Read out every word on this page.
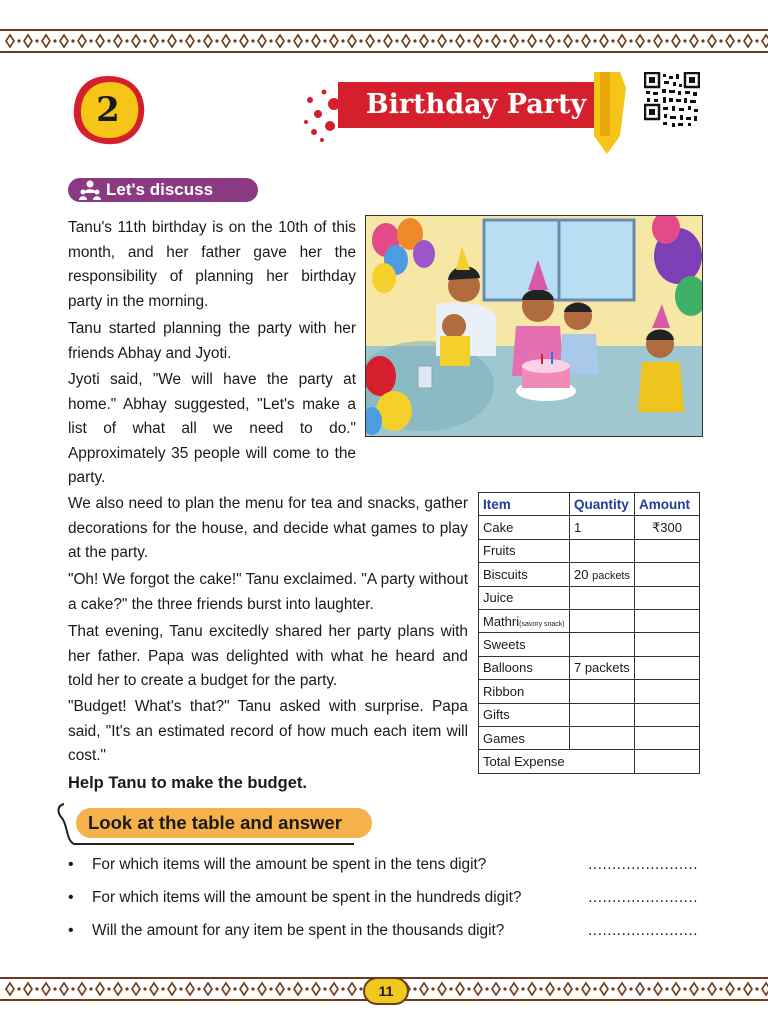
2	Birthday Party
Let's discuss

Tanu's 11th birthday is on the 10th of this month, and her father gave her the responsibility of planning her birthday party in the morning.

Tanu started planning the party with her friends Abhay and Jyoti.

Jyoti said, "We will have the party at home." Abhay suggested, "Let's make a list of what all we need to do." Approximately 35 people will come to the party.

We also need to plan the menu for tea and snacks, gather decorations for the house, and decide what games to play at the party.

"Oh! We forgot the cake!" Tanu exclaimed. "A party without a cake?" the three friends burst into laughter.

That evening, Tanu excitedly shared her party plans with her father. Papa was delighted with what he heard and told her to create a budget for the party.

"Budget! What's that?" Tanu asked with surprise. Papa said, "It's an estimated record of how much each item will cost."

Item	Quantity	Amount
Cake	1	₹300
Fruits		
Biscuits	20 packets	
Juice		
Mathri(savory snack)		
Sweets		
Balloons	7 packets	
Ribbon		
Gifts		
Games		
Total Expense		

Help Tanu to make the budget.

Look at the table and answer
• For which items will the amount be spent in the tens digit?	.......................
• For which items will the amount be spent in the hundreds digit?	.......................
• Will the amount for any item be spent in the thousands digit?	.......................
11
